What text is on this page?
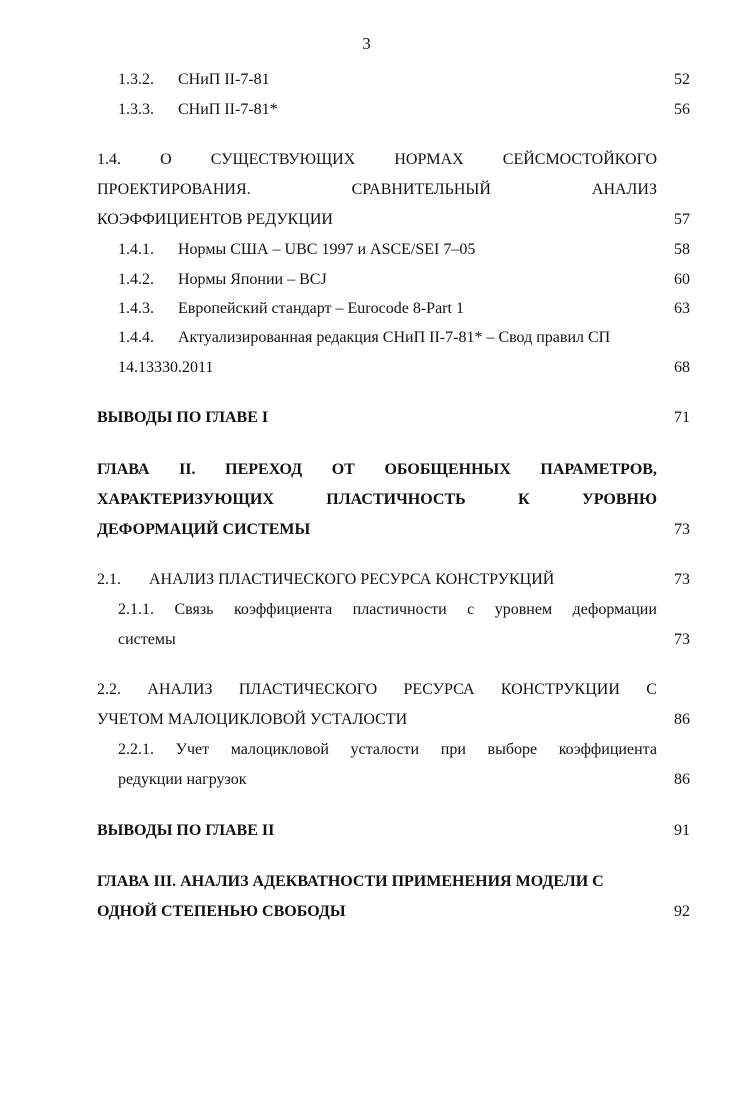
3
1.3.2. СНиП II-7-81	52
1.3.3. СНиП II-7-81*	56
1.4. О СУЩЕСТВУЮЩИХ НОРМАХ СЕЙСМОСТОЙКОГО
ПРОЕКТИРОВАНИЯ.	СРАВНИТЕЛЬНЫЙ	АНАЛИЗ
КОЭФФИЦИЕНТОВ РЕДУКЦИИ	57
1.4.1. Нормы США – UBC 1997 и ASCE/SEI 7–05	58
1.4.2. Нормы Японии – BCJ	60
1.4.3. Европейский стандарт – Eurocode 8-Part 1	63
1.4.4. Актуализированная редакция СНиП II-7-81* – Свод правил СП
14.13330.2011	68
ВЫВОДЫ ПО ГЛАВЕ I	71
ГЛАВА II. ПЕРЕХОД ОТ ОБОБЩЕННЫХ ПАРАМЕТРОВ,
ХАРАКТЕРИЗУЮЩИХ	ПЛАСТИЧНОСТЬ	К	УРОВНЮ
ДЕФОРМАЦИЙ СИСТЕМЫ	73
2.1. АНАЛИЗ ПЛАСТИЧЕСКОГО РЕСУРСА КОНСТРУКЦИЙ	73
2.1.1. Связь коэффициента пластичности с уровнем деформации
системы	73
2.2. АНАЛИЗ ПЛАСТИЧЕСКОГО РЕСУРСА КОНСТРУКЦИИ С
УЧЕТОМ МАЛОЦИКЛОВОЙ УСТАЛОСТИ	86
2.2.1. Учет малоцикловой усталости при выборе коэффициента
редукции нагрузок	86
ВЫВОДЫ ПО ГЛАВЕ II	91
ГЛАВА III. АНАЛИЗ АДЕКВАТНОСТИ ПРИМЕНЕНИЯ МОДЕЛИ С
ОДНОЙ СТЕПЕНЬЮ СВОБОДЫ	92
